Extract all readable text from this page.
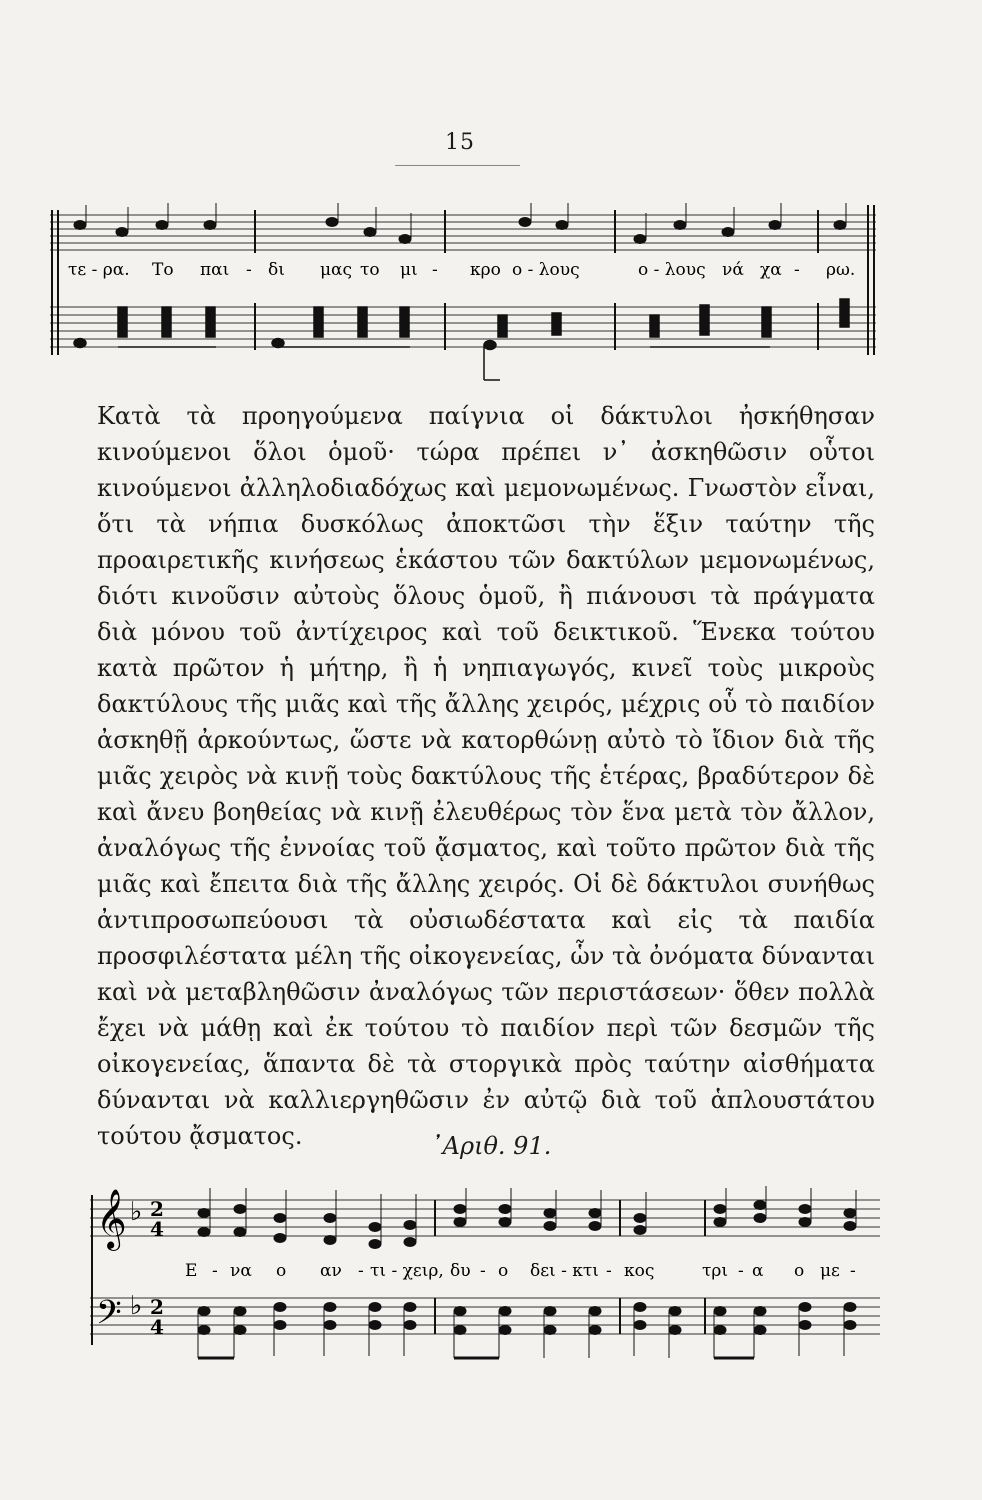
15
τε - ρα. Το παι - δι μας το μι - κρο ο - λους	ο - λους νά χα - ρω.

Κατὰ τὰ προηγούμενα παίγνια οἱ δάκτυλοι ἠσκήθησαν κινούμενοι ὅλοι ὁμοῦ· τώρα πρέπει ν᾽ ἀσκηθῶσιν οὗτοι κινούμενοι ἀλληλοδιαδόχως καὶ μεμονωμένως. Γνωστὸν εἶναι, ὅτι τὰ νήπια δυσκόλως ἀποκτῶσι τὴν ἕξιν ταύτην τῆς προαιρετικῆς κινήσεως ἑκάστου τῶν δακτύλων μεμονωμένως, διότι κινοῦσιν αὐτοὺς ὅλους ὁμοῦ, ἢ πιάνουσι τὰ πράγματα διὰ μόνου τοῦ ἀντίχειρος καὶ τοῦ δεικτικοῦ. Ἕνεκα τούτου κατὰ πρῶτον ἡ μήτηρ, ἢ ἡ νηπιαγωγός, κινεῖ τοὺς μικροὺς δακτύλους τῆς μιᾶς καὶ τῆς ἄλλης χειρός, μέχρις οὗ τὸ παιδίον ἀσκηθῇ ἀρκούντως, ὥστε νὰ κατορθώνῃ αὐτὸ τὸ ἴδιον διὰ τῆς μιᾶς χειρὸς νὰ κινῇ τοὺς δακτύλους τῆς ἑτέρας, βραδύτερον δὲ καὶ ἄνευ βοηθείας νὰ κινῇ ἐλευθέρως τὸν ἕνα μετὰ τὸν ἄλλον, ἀναλόγως τῆς ἐννοίας τοῦ ᾄσματος, καὶ τοῦτο πρῶτον διὰ τῆς μιᾶς καὶ ἔπειτα διὰ τῆς ἄλλης χειρός. Οἱ δὲ δάκτυλοι συνήθως ἀντιπροσωπεύουσι τὰ οὐσιωδέστατα καὶ εἰς τὰ παιδία προσφιλέστατα μέλη τῆς οἰκογενείας, ὧν τὰ ὀνόματα δύνανται καὶ νὰ μεταβληθῶσιν ἀναλόγως τῶν περιστάσεων· ὅθεν πολλὰ ἔχει νὰ μάθῃ καὶ ἐκ τούτου τὸ παιδίον περὶ τῶν δεσμῶν τῆς οἰκογενείας, ἅπαντα δὲ τὰ στοργικὰ πρὸς ταύτην αἰσθήματα δύνανται νὰ καλλιεργηθῶσιν ἐν αὐτῷ διὰ τοῦ ἁπλουστάτου τούτου ᾄσματος.	᾿Αριθ. 91.
𝄞 ♭ 2
4
𝄢 ♭ 2
4
Ε - να ο αν - τι - χειρ, δυ - ο δει - κτι - κος	τρι - α ο με -
